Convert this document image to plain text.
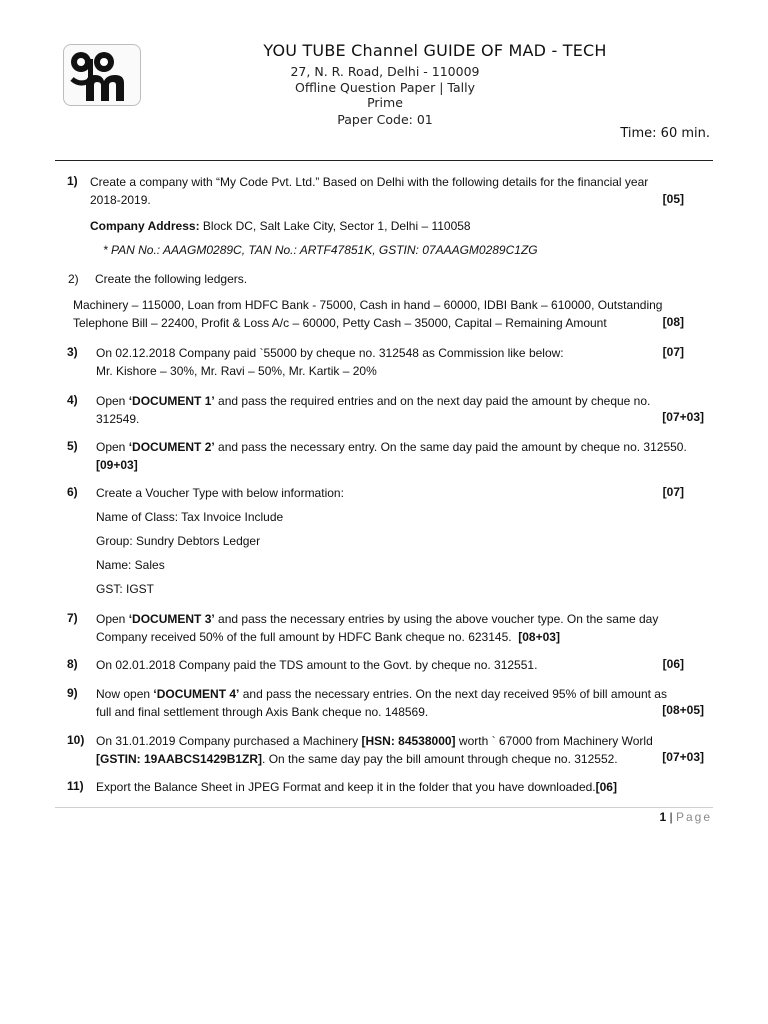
YOU TUBE Channel GUIDE OF MAD - TECH
27, N. R. Road, Delhi - 110009
Offline Question Paper | Tally
Prime
Paper Code: 01
Time: 60 min.
1) Create a company with “My Code Pvt. Ltd.” Based on Delhi with the following details for the financial year
2018-2019.	[05]
Company Address: Block DC, Salt Lake City, Sector 1, Delhi – 110058
* PAN No.: AAAGM0289C, TAN No.: ARTF47851K, GSTIN: 07AAAGM0289C1ZG
2) Create the following ledgers.
Machinery – 115000, Loan from HDFC Bank - 75000, Cash in hand – 60000, IDBI Bank – 610000, Outstanding
Telephone Bill – 22400, Profit & Loss A/c – 60000, Petty Cash – 35000, Capital – Remaining Amount	[08]
3) On 02.12.2018 Company paid `55000 by cheque no. 312548 as Commission like below:
Mr. Kishore – 30%, Mr. Ravi – 50%, Mr. Kartik – 20%
[07]
4) Open ‘DOCUMENT 1’ and pass the required entries and on the next day paid the amount by cheque no.
312549.	[07+03]
5) Open ‘DOCUMENT 2’ and pass the necessary entry. On the same day paid the amount by cheque no. 312550.
[09+03]
6) Create a Voucher Type with below information:	[07]
Name of Class: Tax Invoice Include
Group: Sundry Debtors Ledger
Name: Sales
GST: IGST
7) Open ‘DOCUMENT 3’ and pass the necessary entries by using the above voucher type. On the same day
Company received 50% of the full amount by HDFC Bank cheque no. 623145. [08+03]
8) On 02.01.2018 Company paid the TDS amount to the Govt. by cheque no. 312551.	[06]
9) Now open ‘DOCUMENT 4’ and pass the necessary entries. On the next day received 95% of bill amount as
full and final settlement through Axis Bank cheque no. 148569.	[08+05]
10) On 31.01.2019 Company purchased a Machinery [HSN: 84538000] worth ` 67000 from Machinery World
[GSTIN: 19AABCS1429B1ZR]. On the same day pay the bill amount through cheque no. 312552.	[07+03]
11) Export the Balance Sheet in JPEG Format and keep it in the folder that you have downloaded.[06]
1 | Page
